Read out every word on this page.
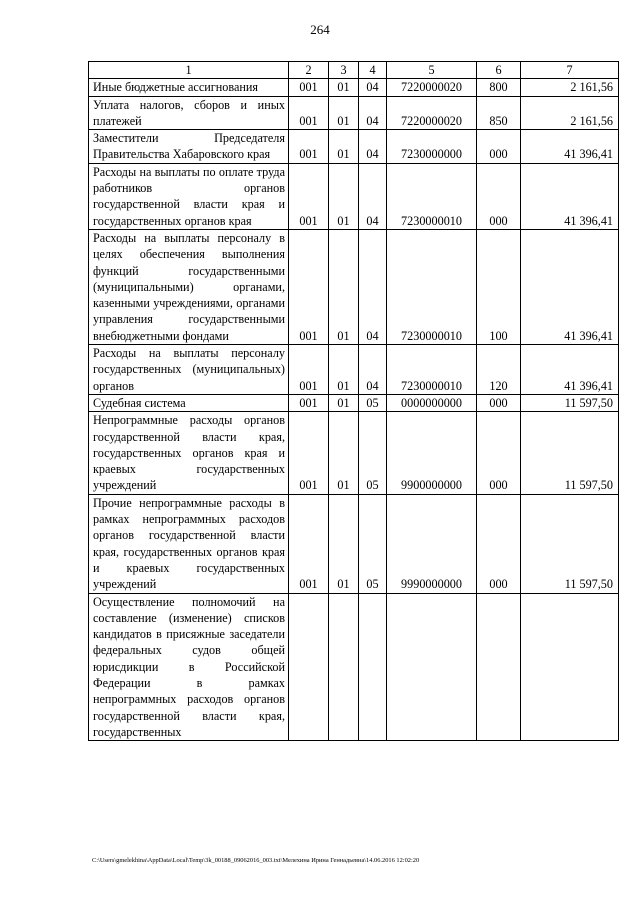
264
1	2	3	4	5	6	7
Иные бюджетные ассигнования	001	01	04	7220000020	800	2 161,56
Уплата налогов, сборов и иных платежей	001	01	04	7220000020	850	2 161,56
Заместители Председателя Правительства Хабаровского края	001	01	04	7230000000	000	41 396,41
Расходы на выплаты по оплате труда работников органов государственной власти края и государственных органов края	001	01	04	7230000010	000	41 396,41
Расходы на выплаты персоналу в целях обеспечения выполнения функций государственными (муниципальными) органами, казенными учреждениями, органами управления государственными внебюджетными фондами	001	01	04	7230000010	100	41 396,41
Расходы на выплаты персоналу государственных (муниципальных) органов	001	01	04	7230000010	120	41 396,41
Судебная система	001	01	05	0000000000	000	11 597,50
Непрограммные расходы органов государственной власти края, государственных органов края и краевых государственных учреждений	001	01	05	9900000000	000	11 597,50
Прочие непрограммные расходы в рамках непрограммных расходов органов государственной власти края, государственных органов края и краевых государственных учреждений	001	01	05	9990000000	000	11 597,50
Осуществление полномочий на составление (изменение) списков кандидатов в присяжные заседатели федеральных судов общей юрисдикции в Российской Федерации в рамках непрограммных расходов органов государственной власти края, государственных						
C:\Users\gmelekhina\AppData\Local\Temp\3k_00188_09062016_003.txt\Мелехина Ирина Геннадьевна\14.06.2016 12:02:20
